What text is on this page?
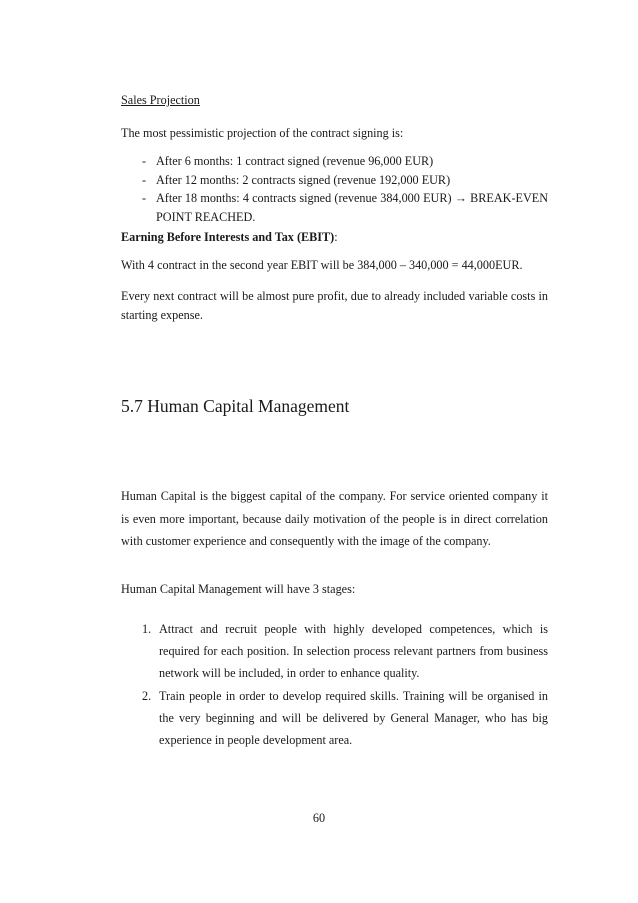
Sales Projection

The most pessimistic projection of the contract signing is:

- After 6 months: 1 contract signed (revenue 96,000 EUR)
- After 12 months: 2 contracts signed (revenue 192,000 EUR)
- After 18 months: 4 contracts signed (revenue 384,000 EUR) → BREAK-EVEN POINT REACHED.

Earning Before Interests and Tax (EBIT):

With 4 contract in the second year EBIT will be 384,000 – 340,000 = 44,000EUR.

Every next contract will be almost pure profit, due to already included variable costs in starting expense.

5.7 Human Capital Management

Human Capital is the biggest capital of the company. For service oriented company it is even more important, because daily motivation of the people is in direct correlation with customer experience and consequently with the image of the company.

Human Capital Management will have 3 stages:

1. Attract and recruit people with highly developed competences, which is required for each position. In selection process relevant partners from business network will be included, in order to enhance quality.
2. Train people in order to develop required skills. Training will be organised in the very beginning and will be delivered by General Manager, who has big experience in people development area.
60
